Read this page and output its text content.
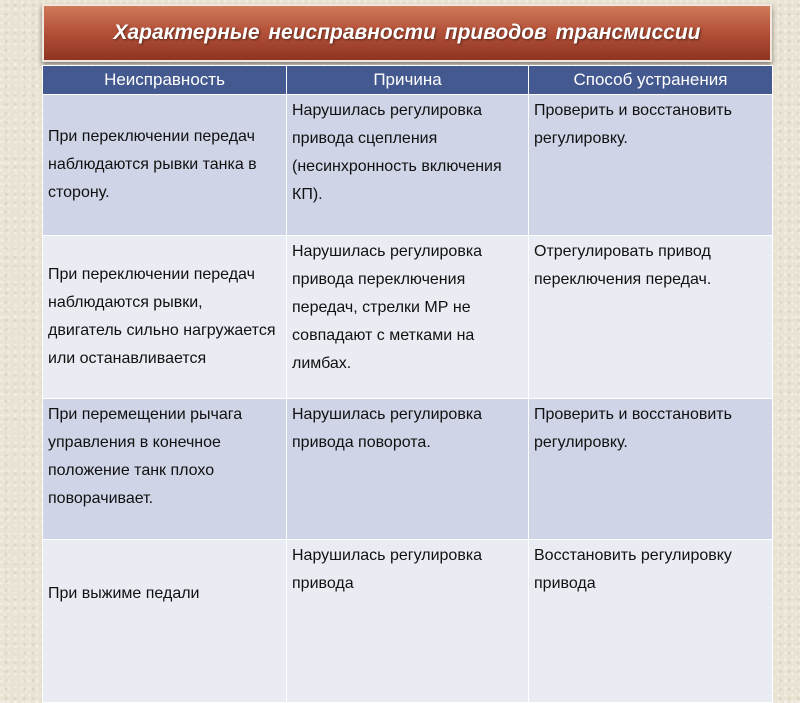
Характерные неисправности приводов трансмиссии
Неисправность	Причина	Способ устранения
При переключении передач наблюдаются рывки танка в сторону.	Нарушилась регулировка привода сцепления (несинхронность включения КП).	Проверить и восстановить регулировку.
При переключении передач наблюдаются рывки, двигатель сильно нагружается или останавливается	Нарушилась регулировка привода переключения передач, стрелки МР не совпадают с метками на лимбах.	Отрегулировать привод переключения передач.
При перемещении рычага управления в конечное положение танк плохо поворачивает.	Нарушилась регулировка привода поворота.	Проверить и восстановить регулировку.
При выжиме педали	Нарушилась регулировка привода	Восстановить регулировку привода
